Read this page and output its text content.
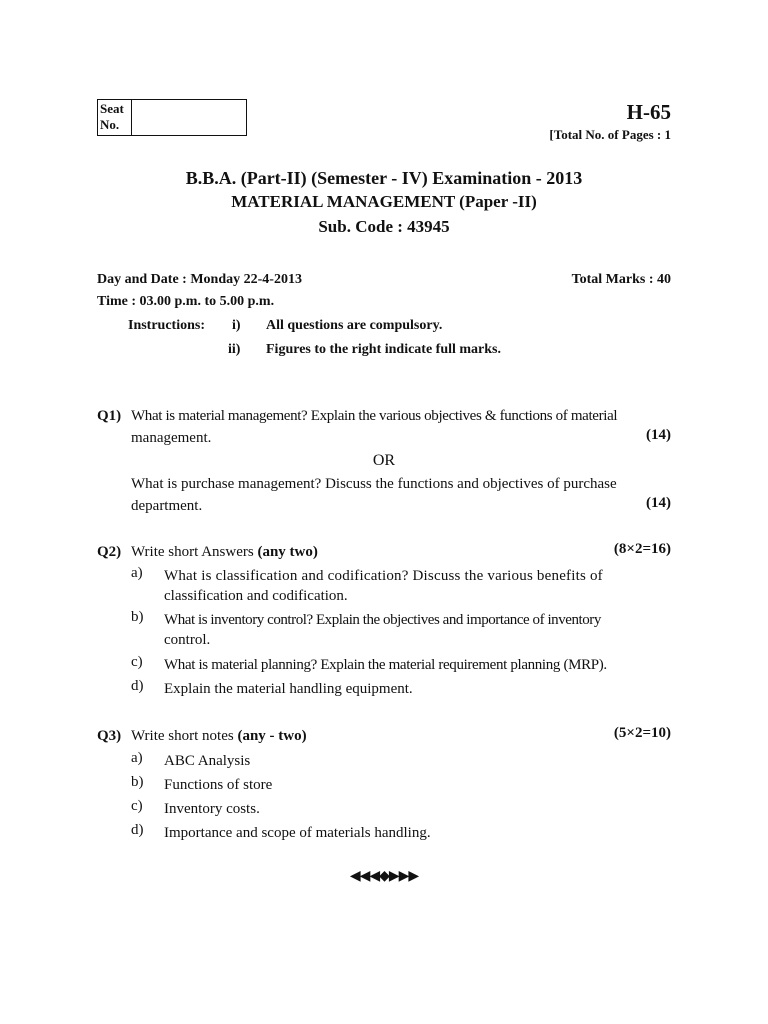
Seat
No.
H-65
[Total No. of Pages : 1
B.B.A. (Part-II) (Semester - IV) Examination - 2013
MATERIAL MANAGEMENT (Paper -II)
Sub. Code : 43945
Day and Date : Monday 22-4-2013	Total Marks : 40
Time : 03.00 p.m. to 5.00 p.m.
Instructions: i) All questions are compulsory.
ii) Figures to the right indicate full marks.
Q1) What is material management? Explain the various objectives & functions of material
management.	(14)
OR
What is purchase management? Discuss the functions and objectives of purchase
department.	(14)
Q2) Write short Answers (any two)	(8×2=16)
a) What is classification and codification? Discuss the various benefits of
classification and codification.
b) What is inventory control? Explain the objectives and importance of inventory
control.
c) What is material planning? Explain the material requirement planning (MRP).
d) Explain the material handling equipment.
Q3) Write short notes (any - two)	(5×2=10)
a) ABC Analysis
b) Functions of store
c) Inventory costs.
d) Importance and scope of materials handling.
◀◀◀◆▶▶▶
